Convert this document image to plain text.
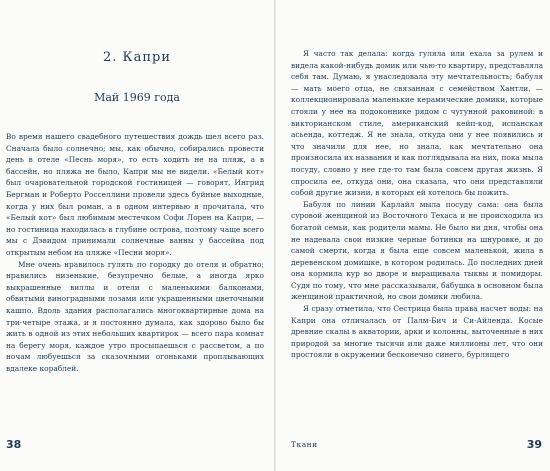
2. Капри
Май 1969 года

Во время нашего свадебного путешествия дождь шел всего раз. Сначала было солнечно; мы, как обычно, собирались провести день в отеле «Песнь моря», то есть ходить не на пляж, а в бассейн, но пляжа не было, Капри мы не видели. «Белый кот» был очаровательной городской гостиницей — говорят, Ингрид Бергман и Роберто Росселлини провели здесь буйные выходные, когда у них был роман, а в одном интервью я прочитала, что «Белый кот» был любимым местечком Софи Лорен на Капри, — но гостиница находилась в глубине острова, поэтому чаще всего мы с Дэвидом принимали солнечные ванны у бассейна под открытым небом на пляже «Песни моря».

Мне очень нравилось гулять по городку до отеля и обратно; нравились низенькие, безупречно белые, а иногда ярко выкрашенные виллы и отели с маленькими балконами, обвитыми виноградными лозами или украшенными цветочными кашпо. Вдоль здания располагались многоквартирные дома на три-четыре этажа, и я постоянно думала, как здорово было бы жить в одной из этих небольших квартирок — всего пара комнат на берегу моря, каждое утро просыпаешься с рассветом, а по ночам любуешься за сказочными огоньками проплывающих вдалеке кораблей.

38

Я часто так делала: когда гуляла или ехала за рулем и видела какой-нибудь домик или чью-то квартиру, представляла себя там. Думаю, я унаследовала эту мечтательность; бабуля — мать моего отца, не связанная с семейством Хантли, — коллекционировала маленькие керамические домики, которые стояли у нее на подоконнике рядом с чугунной раковиной: в викторианском стиле, американский кейп-код, испанская асьенда, коттедж. Я не знала, откуда они у нее появились и что значили для нее, но знала, как мечтательно она произносила их названия и как поглядывала на них, пока мыла посуду, словно у нее где-то там была совсем другая жизнь. Я спросила ее, откуда они, она сказала, что они представляли собой другие жизни, в которых ей хотелось бы пожить.

Бабуля по линии Карлайл мыла посуду сама: она была суровой женщиной из Восточного Техаса и не происходила из богатой семьи, как родители мамы. Не было ни дня, чтобы она не надевала свои низкие черные ботинки на шнуровке, и до самой смерти, когда я была еще совсем маленькой, жила в деревенском домишке, в котором родилась. До последних дней она кормила кур во дворе и выращивала тыквы и помидоры. Судя по тому, что мне рассказывали, бабушка в основном была женщиной практичной, но свои домики любила.

Я сразу отметила, что Сестрица была права насчет воды: на Капри она отличалась от Палм-Бич и Си-Айленда. Косые древние скалы в акватории, арки и колонны, выточенные в них природой за многие тысячи или даже миллионы лет, что они простояли в окружении бесконечно синего, бурлящего

Ткани	39
